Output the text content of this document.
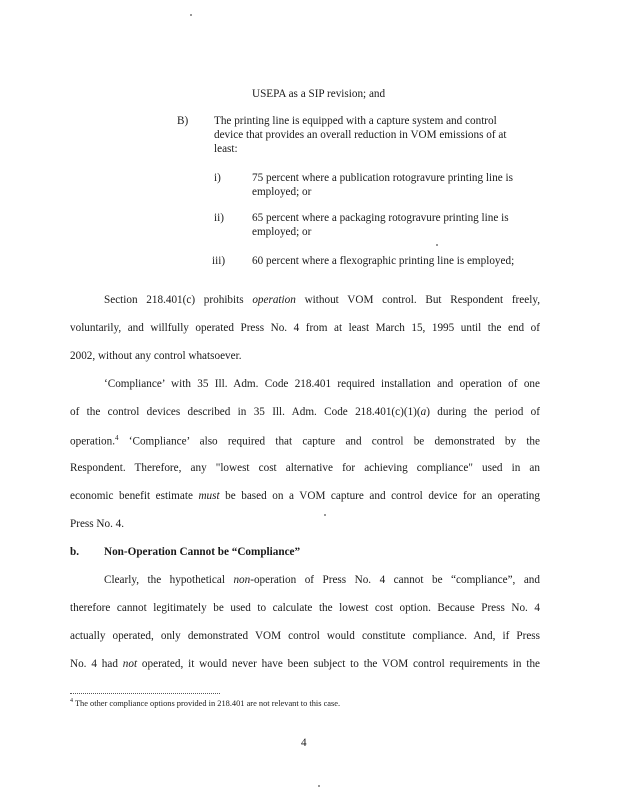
USEPA as a SIP revision; and
B) The printing line is equipped with a capture system and control
device that provides an overall reduction in VOM emissions of at
least:
i)	75 percent where a publication rotogravure printing line is
employed; or
ii)	65 percent where a packaging rotogravure printing line is
employed; or
iii) 60 percent where a flexographic printing line is employed;
Section 218.401(c) prohibits operation without VOM control. But Respondent freely,
voluntarily, and willfully operated Press No. 4 from at least March 15, 1995 until the end of
2002, without any control whatsoever.
‘Compliance’ with 35 Ill. Adm. Code 218.401 required installation and operation of one
of the control devices described in 35 Ill. Adm. Code 218.401(c)(1)(a) during the period of
operation.$^4$ ‘Compliance’ also required that capture and control be demonstrated by the
Respondent. Therefore, any "lowest cost alternative for achieving compliance" used in an
economic benefit estimate must be based on a VOM capture and control device for an operating
Press No. 4.
b. Non-Operation Cannot be “Compliance”
Clearly, the hypothetical non-operation of Press No. 4 cannot be “compliance”, and
therefore cannot legitimately be used to calculate the lowest cost option. Because Press No. 4
actually operated, only demonstrated VOM control would constitute compliance. And, if Press
No. 4 had not operated, it would never have been subject to the VOM control requirements in the
$^4$ The other compliance options provided in 218.401 are not relevant to this case.
4
